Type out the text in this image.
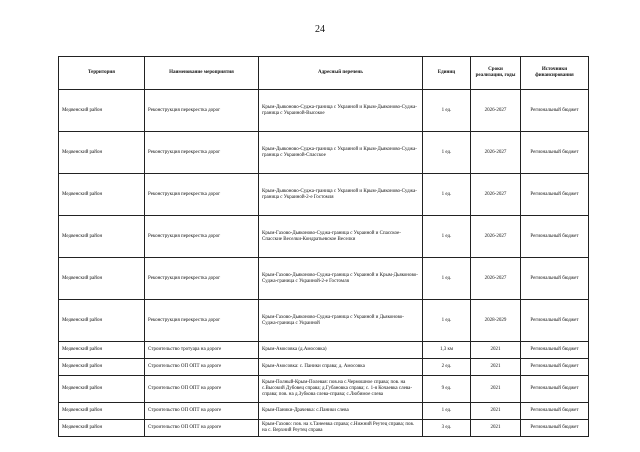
24
Территория	Наименование мероприятия	Адресный перечень	Единиц	Сроки реализации, годы	Источники финансирования
Медвенский район	Реконструкция перекрестка дорог	Крым-Дьяконово-Суджа-граница с Украиной и Крым-Дьяконово-Суджа-граница с Украиной-Высокое	1 ед.	2026-2027	Региональный бюджет
Медвенский район	Реконструкция перекрестка дорог	Крым-Дьяконово-Суджа-граница с Украиной и Крым-Дьяконово-Суджа-граница с Украиной-Спасское	1 ед.	2026-2027	Региональный бюджет
Медвенский район	Реконструкция перекрестка дорог	Крым-Дьяконово-Суджа-граница с Украиной и Крым-Дьяконово-Суджа-граница с Украиной-2-е Гостомля	1 ед.	2026-2027	Региональный бюджет
Медвенский район	Реконструкция перекрестка дорог	Крым-Гахово-Дьяконово-Суджа-граница с Украиной и Спасское-Спасские Веселки-Кондратьевское Веселки	1 ед.	2026-2027	Региональный бюджет
Медвенский район	Реконструкция перекрестка дорог	Крым-Гахово-Дьяконово-Суджа-граница с Украиной и Крым-Дьяконово-Суджа-граница с Украиной-2-е Гостомля	1 ед.	2026-2027	Региональный бюджет
Медвенский район	Реконструкция перекрестка дорог	Крым-Гахово-Дьяконово-Суджа-граница с Украиной и Дьяконово-Суджа-граница с Украиной	1 ед.	2028-2029	Региональный бюджет
Медвенский район	Строительство тротуара на дороге	Крым-Амосовка (д.Амосовка)	1,3 км	2021	Региональный бюджет
Медвенский район	Строительство ОП ОПТ на дороге	Крым-Амосовка: с. Паники справа; д. Амосовка	2 ед.	2021	Региональный бюджет
Медвенский район	Строительство ОП ОПТ на дороге	Крым-Полный-Крым-Полевая: пов.на с.Чермошное справа; пов. на с.Высокий Дубовец справа; д.Губановка справа; с. 1-я Кочаевка слева-справа; пов. на д.Зубкова слева-справа; с.Любимое слева	9 ед.	2021	Региональный бюджет
Медвенский район	Строительство ОП ОПТ на дороге	Крым-Паники-Драчевка: с.Паники слева	1 ед.	2021	Региональный бюджет
Медвенский район	Строительство ОП ОПТ на дороге	Крым-Гахово: пов. на х.Танеевка справа; с.Нижний Реутец справа; пов. на с. Верхний Реутец справа	3 ед.	2021	Региональный бюджет
